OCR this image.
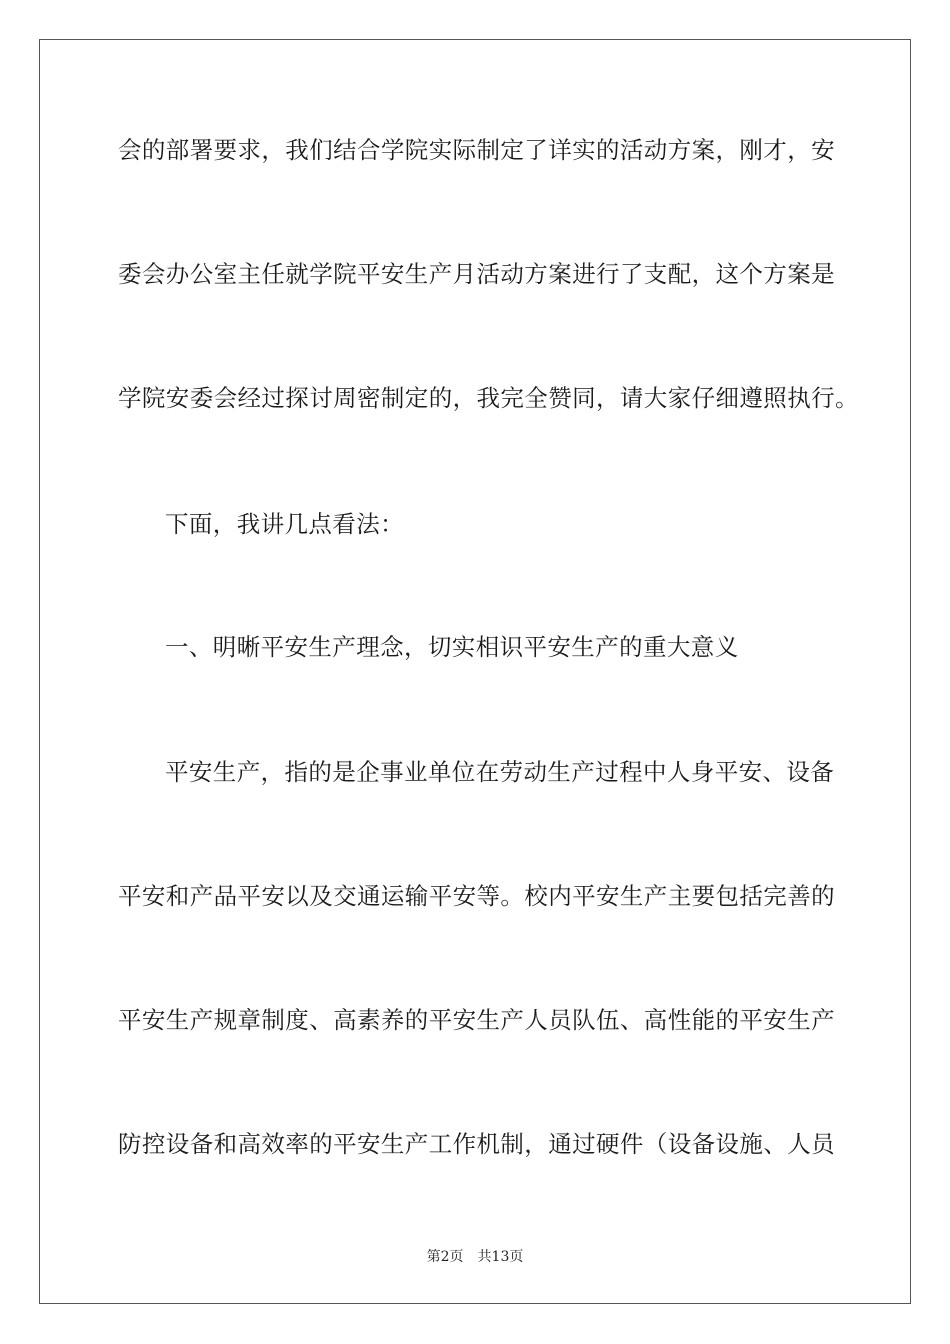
会的部署要求，我们结合学院实际制定了详实的活动方案，刚才，安
委会办公室主任就学院平安生产月活动方案进行了支配，这个方案是
学院安委会经过探讨周密制定的，我完全赞同，请大家仔细遵照执行。
下面，我讲几点看法：
一、明晰平安生产理念，切实相识平安生产的重大意义
平安生产，指的是企事业单位在劳动生产过程中人身平安、设备
平安和产品平安以及交通运输平安等。校内平安生产主要包括完善的
平安生产规章制度、高素养的平安生产人员队伍、高性能的平安生产
防控设备和高效率的平安生产工作机制，通过硬件（设备设施、人员
第2页 共13页
